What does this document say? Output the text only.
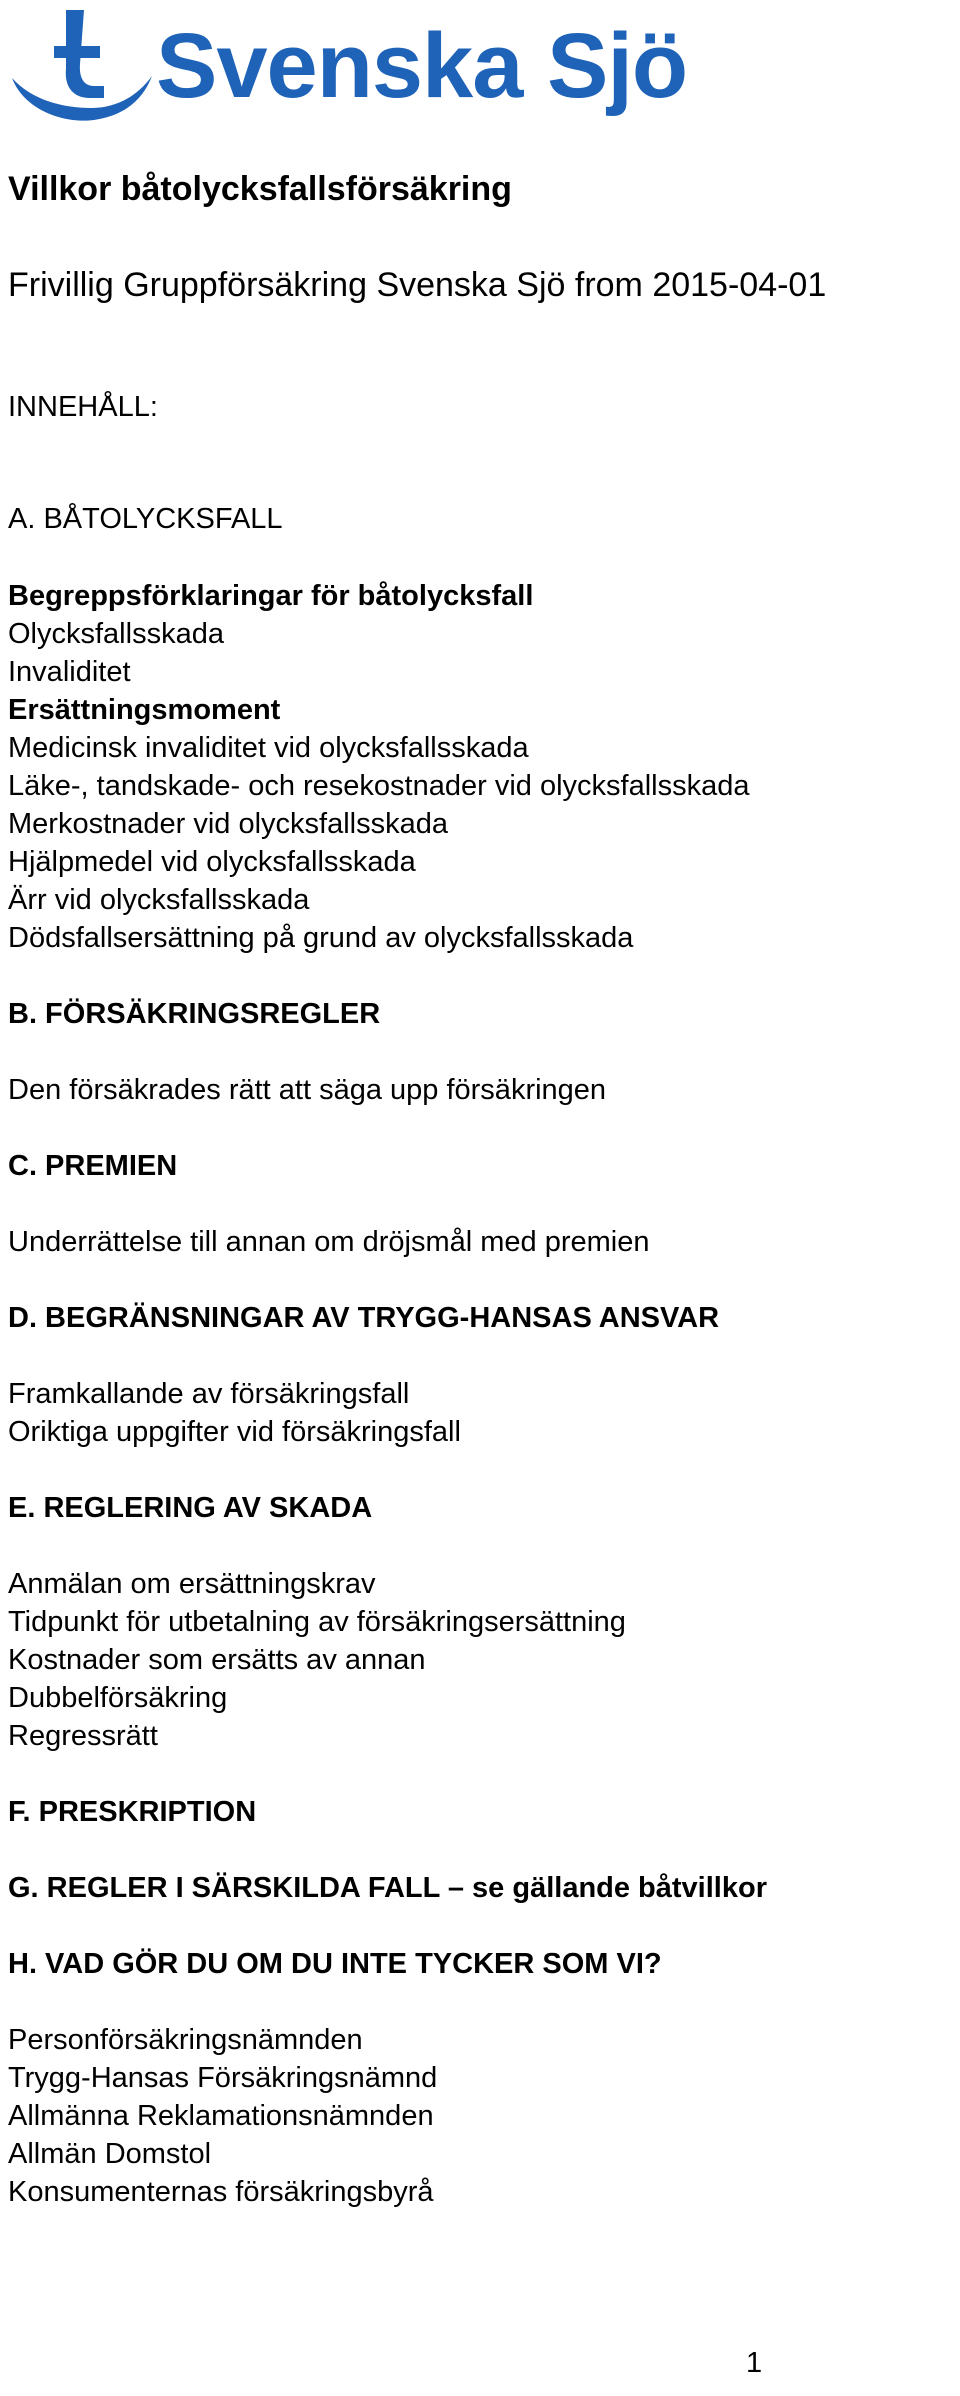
Svenska Sjö
Villkor båtolycksfallsförsäkring
Frivillig Gruppförsäkring Svenska Sjö from 2015-04-01
INNEHÅLL:
A. BÅTOLYCKSFALL
Begreppsförklaringar för båtolycksfall
Olycksfallsskada
Invaliditet
Ersättningsmoment
Medicinsk invaliditet vid olycksfallsskada
Läke-, tandskade- och resekostnader vid olycksfallsskada
Merkostnader vid olycksfallsskada
Hjälpmedel vid olycksfallsskada
Ärr vid olycksfallsskada
Dödsfallsersättning på grund av olycksfallsskada
B. FÖRSÄKRINGSREGLER
Den försäkrades rätt att säga upp försäkringen
C. PREMIEN
Underrättelse till annan om dröjsmål med premien
D. BEGRÄNSNINGAR AV TRYGG-HANSAS ANSVAR
Framkallande av försäkringsfall
Oriktiga uppgifter vid försäkringsfall
E. REGLERING AV SKADA
Anmälan om ersättningskrav
Tidpunkt för utbetalning av försäkringsersättning
Kostnader som ersätts av annan
Dubbelförsäkring
Regressrätt
F. PRESKRIPTION
G. REGLER I SÄRSKILDA FALL – se gällande båtvillkor
H. VAD GÖR DU OM DU INTE TYCKER SOM VI?
Personförsäkringsnämnden
Trygg-Hansas Försäkringsnämnd
Allmänna Reklamationsnämnden
Allmän Domstol
Konsumenternas försäkringsbyrå
1
